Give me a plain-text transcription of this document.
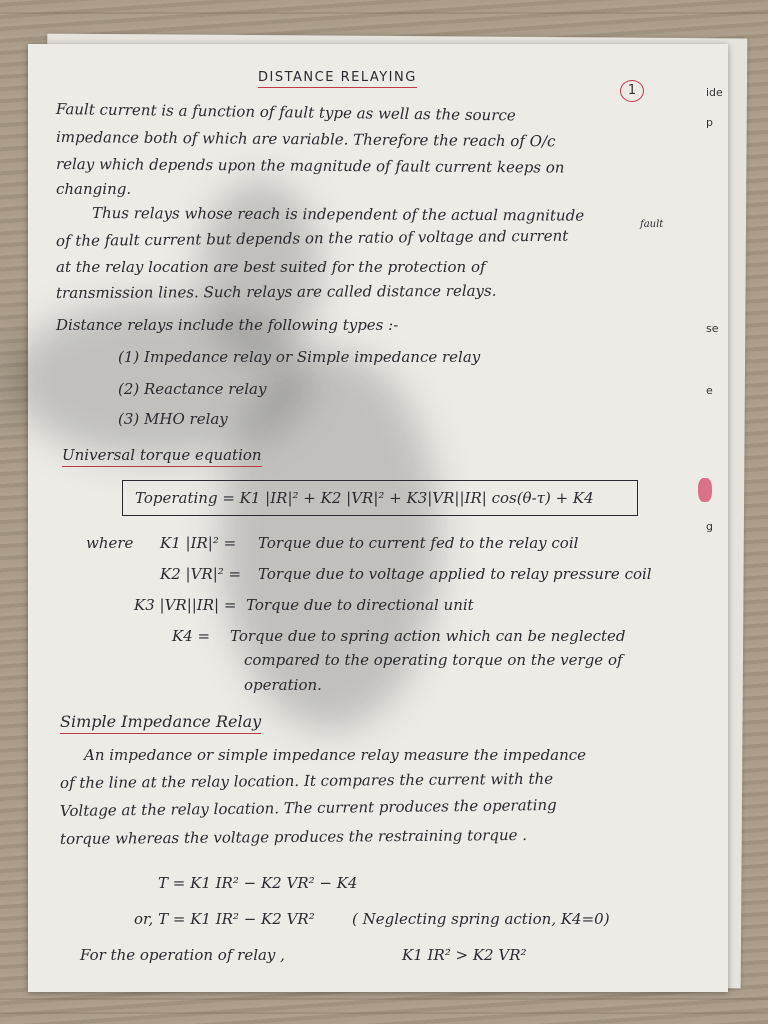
ide
p
se
e
g
DISTANCE RELAYING
1
Fault current is a function of fault type as well as the source
impedance both of which are variable. Therefore the reach of O/c
relay which depends upon the magnitude of fault current keeps on
changing.
Thus relays whose reach is independent of the actual magnitude	fault
of the fault current but depends on the ratio of voltage and current
at the relay location are best suited for the protection of
transmission lines. Such relays are called distance relays.
Distance relays include the following types :-
(1) Impedance relay or Simple impedance relay
(2) Reactance relay
(3) MHO relay
Universal torque equation
Toperating = K1 |IR|² + K2 |VR|² + K3|VR||IR| cos(θ-τ) + K4
where K1 |IR|² = Torque due to current fed to the relay coil
K2 |VR|² = Torque due to voltage applied to relay pressure coil
K3 |VR||IR| = Torque due to directional unit
K4 = Torque due to spring action which can be neglected
compared to the operating torque on the verge of
operation.
Simple Impedance Relay
An impedance or simple impedance relay measure the impedance
of the line at the relay location. It compares the current with the
Voltage at the relay location. The current produces the operating
torque whereas the voltage produces the restraining torque .
T = K1 IR² − K2 VR² − K4
or, T = K1 IR² − K2 VR² ( Neglecting spring action, K4=0)
For the operation of relay ,	K1 IR² > K2 VR²
